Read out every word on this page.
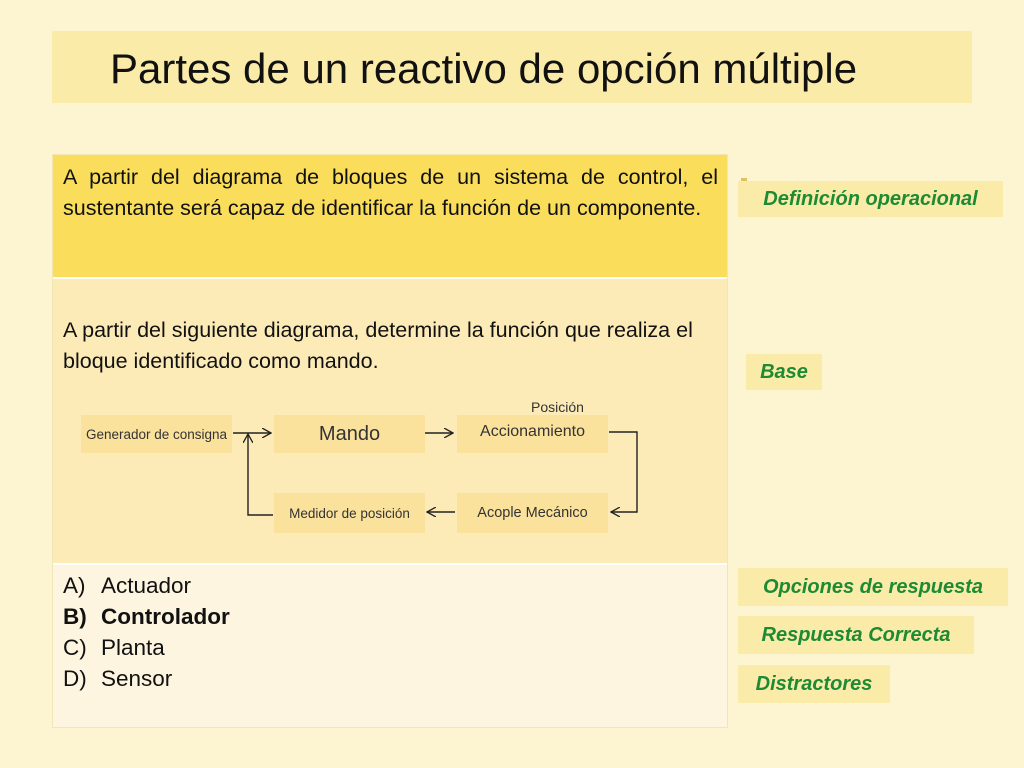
Partes de un reactivo de opción múltiple

A partir del diagrama de bloques de un sistema de control, el sustentante será capaz de identificar la función de un componente.

A partir del siguiente diagrama, determine la función que realiza el bloque identificado como mando.

Generador de consigna	Mando	Accionamiento
Posición
Medidor de posición	Acople Mecánico
A) Actuador
B) Controlador
C) Planta
D) Sensor
Definición operacional
Base
Opciones de respuesta
Respuesta Correcta
Distractores
